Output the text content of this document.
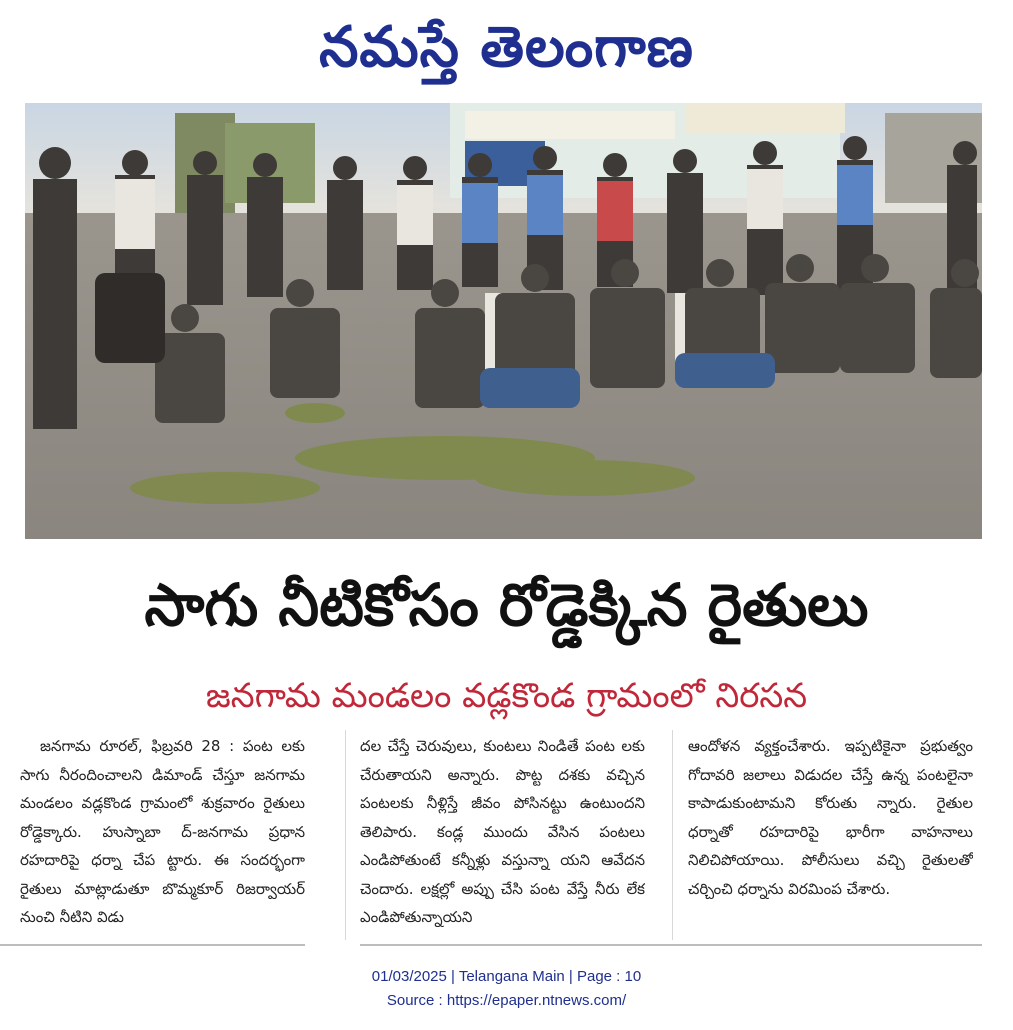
నమస్తే తెలంగాణ
సాగు నీటికోసం రోడ్డెక్కిన రైతులు
జనగామ మండలం వడ్లకొండ గ్రామంలో నిరసన

జనగామ రూరల్, ఫిబ్రవరి 28 : పంట లకు సాగు నీరందించాలని డిమాండ్ చేస్తూ జనగామ మండలం వడ్లకొండ గ్రామంలో శుక్రవారం రైతులు రోడ్డెక్కారు. హుస్నాబా ద్-జనగామ ప్రధాన రహదారిపై ధర్నా చేప ట్టారు. ఈ సందర్భంగా రైతులు మాట్లాడుతూ బొమ్మకూర్ రిజర్వాయర్ నుంచి నీటిని విడు

దల చేస్తే చెరువులు, కుంటలు నిండితే పంట లకు చేరుతాయని అన్నారు. పొట్ట దశకు వచ్చిన పంటలకు నీళ్లిస్తే జీవం పోసినట్టు ఉంటుందని తెలిపారు. కండ్ల ముందు వేసిన పంటలు ఎండిపోతుంటే కన్నీళ్లు వస్తున్నా యని ఆవేదన చెందారు. లక్షల్లో అప్పు చేసి పంట వేస్తే నీరు లేక ఎండిపోతున్నాయని

ఆందోళన వ్యక్తంచేశారు. ఇప్పటికైనా ప్రభుత్వం గోదావరి జలాలు విడుదల చేస్తే ఉన్న పంటలైనా కాపాడుకుంటామని కోరుతు న్నారు. రైతుల ధర్నాతో రహదారిపై భారీగా వాహనాలు నిలిచిపోయాయి. పోలీసులు వచ్చి రైతులతో చర్చించి ధర్నాను విరమింప చేశారు.

01/03/2025 | Telangana Main | Page : 10
Source : https://epaper.ntnews.com/
